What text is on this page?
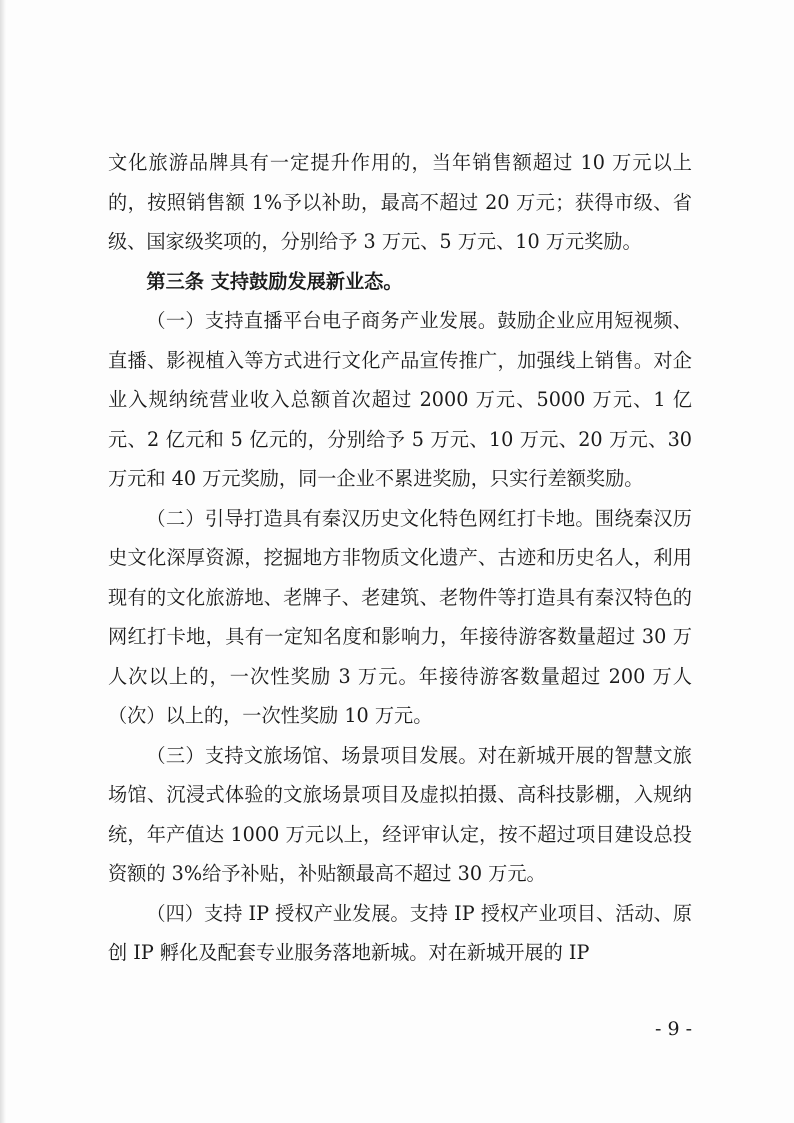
文化旅游品牌具有一定提升作用的，当年销售额超过 10 万元以上的，按照销售额 1%予以补助，最高不超过 20 万元；获得市级、省级、国家级奖项的，分别给予 3 万元、5 万元、10 万元奖励。

第三条 支持鼓励发展新业态。

（一）支持直播平台电子商务产业发展。鼓励企业应用短视频、直播、影视植入等方式进行文化产品宣传推广，加强线上销售。对企业入规纳统营业收入总额首次超过 2000 万元、5000 万元、1 亿元、2 亿元和 5 亿元的，分别给予 5 万元、10 万元、20 万元、30 万元和 40 万元奖励，同一企业不累进奖励，只实行差额奖励。

（二）引导打造具有秦汉历史文化特色网红打卡地。围绕秦汉历史文化深厚资源，挖掘地方非物质文化遗产、古迹和历史名人，利用现有的文化旅游地、老牌子、老建筑、老物件等打造具有秦汉特色的网红打卡地，具有一定知名度和影响力，年接待游客数量超过 30 万人次以上的，一次性奖励 3 万元。年接待游客数量超过 200 万人（次）以上的，一次性奖励 10 万元。

（三）支持文旅场馆、场景项目发展。对在新城开展的智慧文旅场馆、沉浸式体验的文旅场景项目及虚拟拍摄、高科技影棚，入规纳统，年产值达 1000 万元以上，经评审认定，按不超过项目建设总投资额的 3%给予补贴，补贴额最高不超过 30 万元。

（四）支持 IP 授权产业发展。支持 IP 授权产业项目、活动、原创 IP 孵化及配套专业服务落地新城。对在新城开展的 IP

- 9 -
